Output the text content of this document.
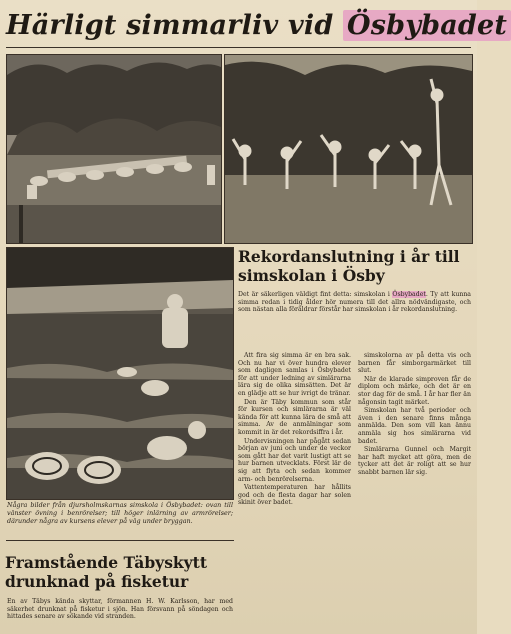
Härligt simmarliv vid Ösbybadet
Några bilder från djursholmskarnas simskola i Ösbybadet: ovan till vänster övning i benrörelser; till höger inlärning av armrörelser; därunder några av kursens elever på väg under bryggan.
Rekordanslutning i år till simskolan i Ösby
Det är säkerligen väldigt fint detta: simskolan i Ösbybadet. Ty att kunna simma redan i tidig ålder hör numera till det allra nödvändigaste, och som nästan alla föräldrar förstår har simskolan i år rekordanslutning.

Att fira sig simma är en bra sak. Och nu har vi över hundra elever som dagligen samlas i Ösbybadet för att under ledning av simlärarna lära sig de olika simsätten. Det är en glädje att se hur ivrigt de tränar.

Den är Täby kommun som står för kursen och simlärarna är väl kända för att kunna lära de små att simma. Av de anmälningar som kommit in är det rekordsiffra i år.

Undervisningen har pågått sedan början av juni och under de veckor som gått har det varit lustigt att se hur barnen utvecklats. Först lär de sig att flyta och sedan kommer arm- och benrörelserna.

Vattentemperaturen har hållits god och de flesta dagar har solen skinit över badet.

simskolorna av på detta vis och barnen får simborgarmärket till slut.

När de klarade simproven får de diplom och märke, och det är en stor dag för de små. I år har fler än någonsin tagit märket.

Simskolan har två perioder och även i den senare finns många anmälda. Den som vill kan ännu anmäla sig hos simlärarna vid badet.

Simlärarna Gunnel och Margit har haft mycket att göra, men de tycker att det är roligt att se hur snabbt barnen lär sig.

Framstående Täbyskytt drunknad på fisketur
En av Täbys kända skyttar, förmannen H. W. Karlsson, har med säkerhet drunknat på fisketur i sjön. Han försvann på söndagen och hittades senare av sökande vid stranden.
